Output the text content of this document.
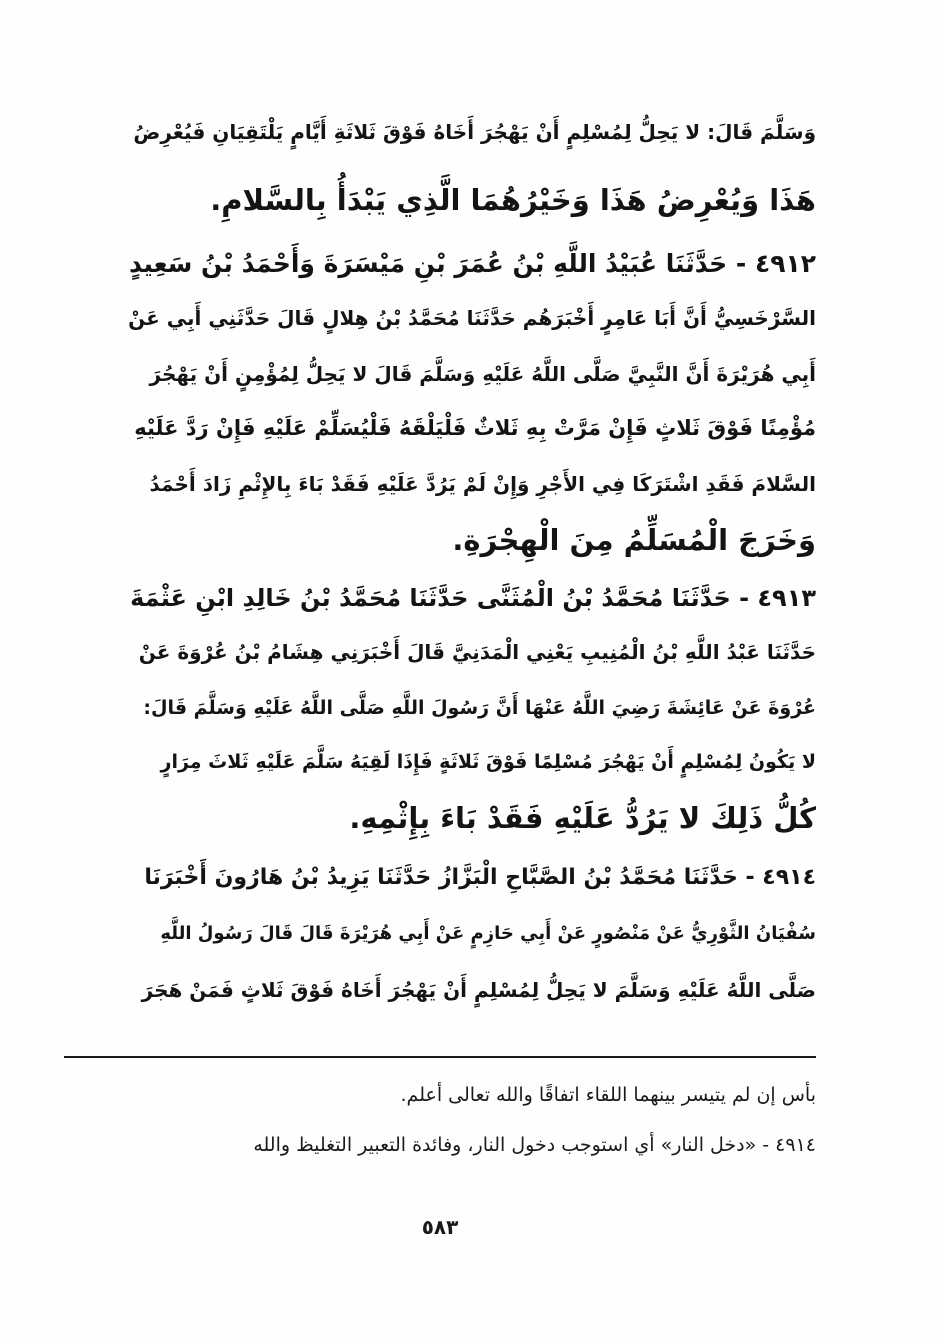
وَسَلَّمَ قَالَ: لا يَحِلُّ لِمُسْلِمٍ أَنْ يَهْجُرَ أَخَاهُ فَوْقَ ثَلاثَةِ أَيَّامٍ يَلْتَقِيَانِ فَيُعْرِضُ
هَذَا وَيُعْرِضُ هَذَا وَخَيْرُهُمَا الَّذِي يَبْدَأُ بِالسَّلامِ.
٤٩١٢ - حَدَّثَنَا عُبَيْدُ اللَّهِ بْنُ عُمَرَ بْنِ مَيْسَرَةَ وَأَحْمَدُ بْنُ سَعِيدٍ
السَّرْخَسِيُّ أَنَّ أَبَا عَامِرٍ أَخْبَرَهُم حَدَّثَنَا مُحَمَّدُ بْنُ هِلالٍ قَالَ حَدَّثَنِي أَبِي عَنْ
أَبِي هُرَيْرَةَ أَنَّ النَّبِيَّ صَلَّى اللَّهُ عَلَيْهِ وَسَلَّمَ قَالَ لا يَحِلُّ لِمُؤْمِنٍ أَنْ يَهْجُرَ
مُؤْمِنًا فَوْقَ ثَلاثٍ فَإِنْ مَرَّتْ بِهِ ثَلاثٌ فَلْيَلْقَهُ فَلْيُسَلِّمْ عَلَيْهِ فَإِنْ رَدَّ عَلَيْهِ
السَّلامَ فَقَدِ اشْتَرَكَا فِي الأَجْرِ وَإِنْ لَمْ يَرُدَّ عَلَيْهِ فَقَدْ بَاءَ بِالإِثْمِ زَادَ أَحْمَدُ
وَخَرَجَ الْمُسَلِّمُ مِنَ الْهِجْرَةِ.
٤٩١٣ - حَدَّثَنَا مُحَمَّدُ بْنُ الْمُثَنَّى حَدَّثَنَا مُحَمَّدُ بْنُ خَالِدِ ابْنِ عَثْمَةَ
حَدَّثَنَا عَبْدُ اللَّهِ بْنُ الْمُنِيبِ يَعْنِي الْمَدَنِيَّ قَالَ أَخْبَرَنِي هِشَامُ بْنُ عُرْوَةَ عَنْ
عُرْوَةَ عَنْ عَائِشَةَ رَضِيَ اللَّهُ عَنْهَا أَنَّ رَسُولَ اللَّهِ صَلَّى اللَّهُ عَلَيْهِ وَسَلَّمَ قَالَ:
لا يَكُونُ لِمُسْلِمٍ أَنْ يَهْجُرَ مُسْلِمًا فَوْقَ ثَلاثَةٍ فَإِذَا لَقِيَهُ سَلَّمَ عَلَيْهِ ثَلاثَ مِرَارٍ
كُلُّ ذَلِكَ لا يَرُدُّ عَلَيْهِ فَقَدْ بَاءَ بِإِثْمِهِ.
٤٩١٤ - حَدَّثَنَا مُحَمَّدُ بْنُ الصَّبَّاحِ الْبَزَّازُ حَدَّثَنَا يَزِيدُ بْنُ هَارُونَ أَخْبَرَنَا
سُفْيَانُ الثَّوْرِيُّ عَنْ مَنْصُورٍ عَنْ أَبِي حَازِمٍ عَنْ أَبِي هُرَيْرَةَ قَالَ قَالَ رَسُولُ اللَّهِ
صَلَّى اللَّهُ عَلَيْهِ وَسَلَّمَ لا يَحِلُّ لِمُسْلِمٍ أَنْ يَهْجُرَ أَخَاهُ فَوْقَ ثَلاثٍ فَمَنْ هَجَرَ
بأس إن لم يتيسر بينهما اللقاء اتفاقًا والله تعالى أعلم.
٤٩١٤ - «دخل النار» أي استوجب دخول النار، وفائدة التعبير التغليظ والله
٥٨٣
